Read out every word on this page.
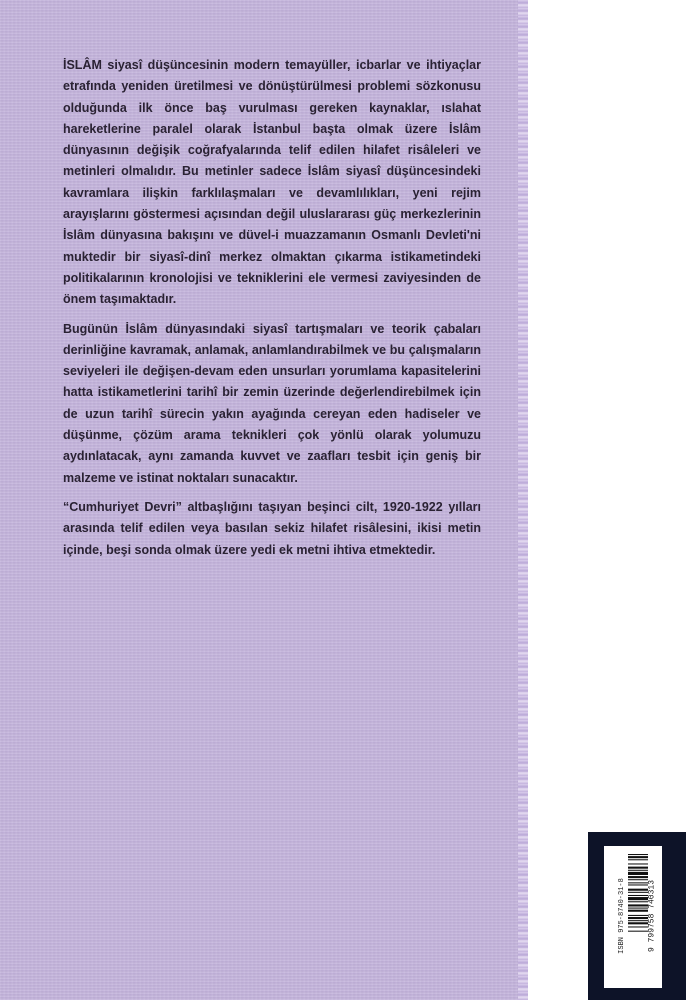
İSLÂM siyasî düşüncesinin modern temayüller, icbarlar ve ihtiyaçlar etrafında yeniden üretilmesi ve dönüştürülmesi problemi sözkonusu olduğunda ilk önce baş vurulması gereken kaynaklar, ıslahat hareketlerine paralel olarak İstanbul başta olmak üzere İslâm dünyasının değişik coğrafyalarında telif edilen hilafet risâleleri ve metinleri olmalıdır. Bu metinler sadece İslâm siyasî düşüncesindeki kavramlara ilişkin farklılaşmaları ve devamlılıkları, yeni rejim arayışlarını göstermesi açısından değil uluslararası güç merkezlerinin İslâm dünyasına bakışını ve düvel-i muazzamanın Osmanlı Devleti'ni muktedir bir siyasî-dinî merkez olmaktan çıkarma istikametindeki politikalarının kronolojisi ve tekniklerini ele vermesi zaviyesinden de önem taşımaktadır.

Bugünün İslâm dünyasındaki siyasî tartışmaları ve teorik çabaları derinliğine kavramak, anlamak, anlamlandırabilmek ve bu çalışmaların seviyeleri ile değişen-devam eden unsurları yorumlama kapasitelerini hatta istikametlerini tarihî bir zemin üzerinde değerlendirebilmek için de uzun tarihî sürecin yakın ayağında cereyan eden hadiseler ve düşünme, çözüm arama teknikleri çok yönlü olarak yolumuzu aydınlatacak, aynı zamanda kuvvet ve zaafları tesbit için geniş bir malzeme ve istinat noktaları sunacaktır.

“Cumhuriyet Devri” altbaşlığını taşıyan beşinci cilt, 1920-1922 yılları arasında telif edilen veya basılan sekiz hilafet risâlesini, ikisi metin içinde, beşi sonda olmak üzere yedi ek metni ihtiva etmektedir.

ISBN 975-8740-31-8	9 799758 740313
